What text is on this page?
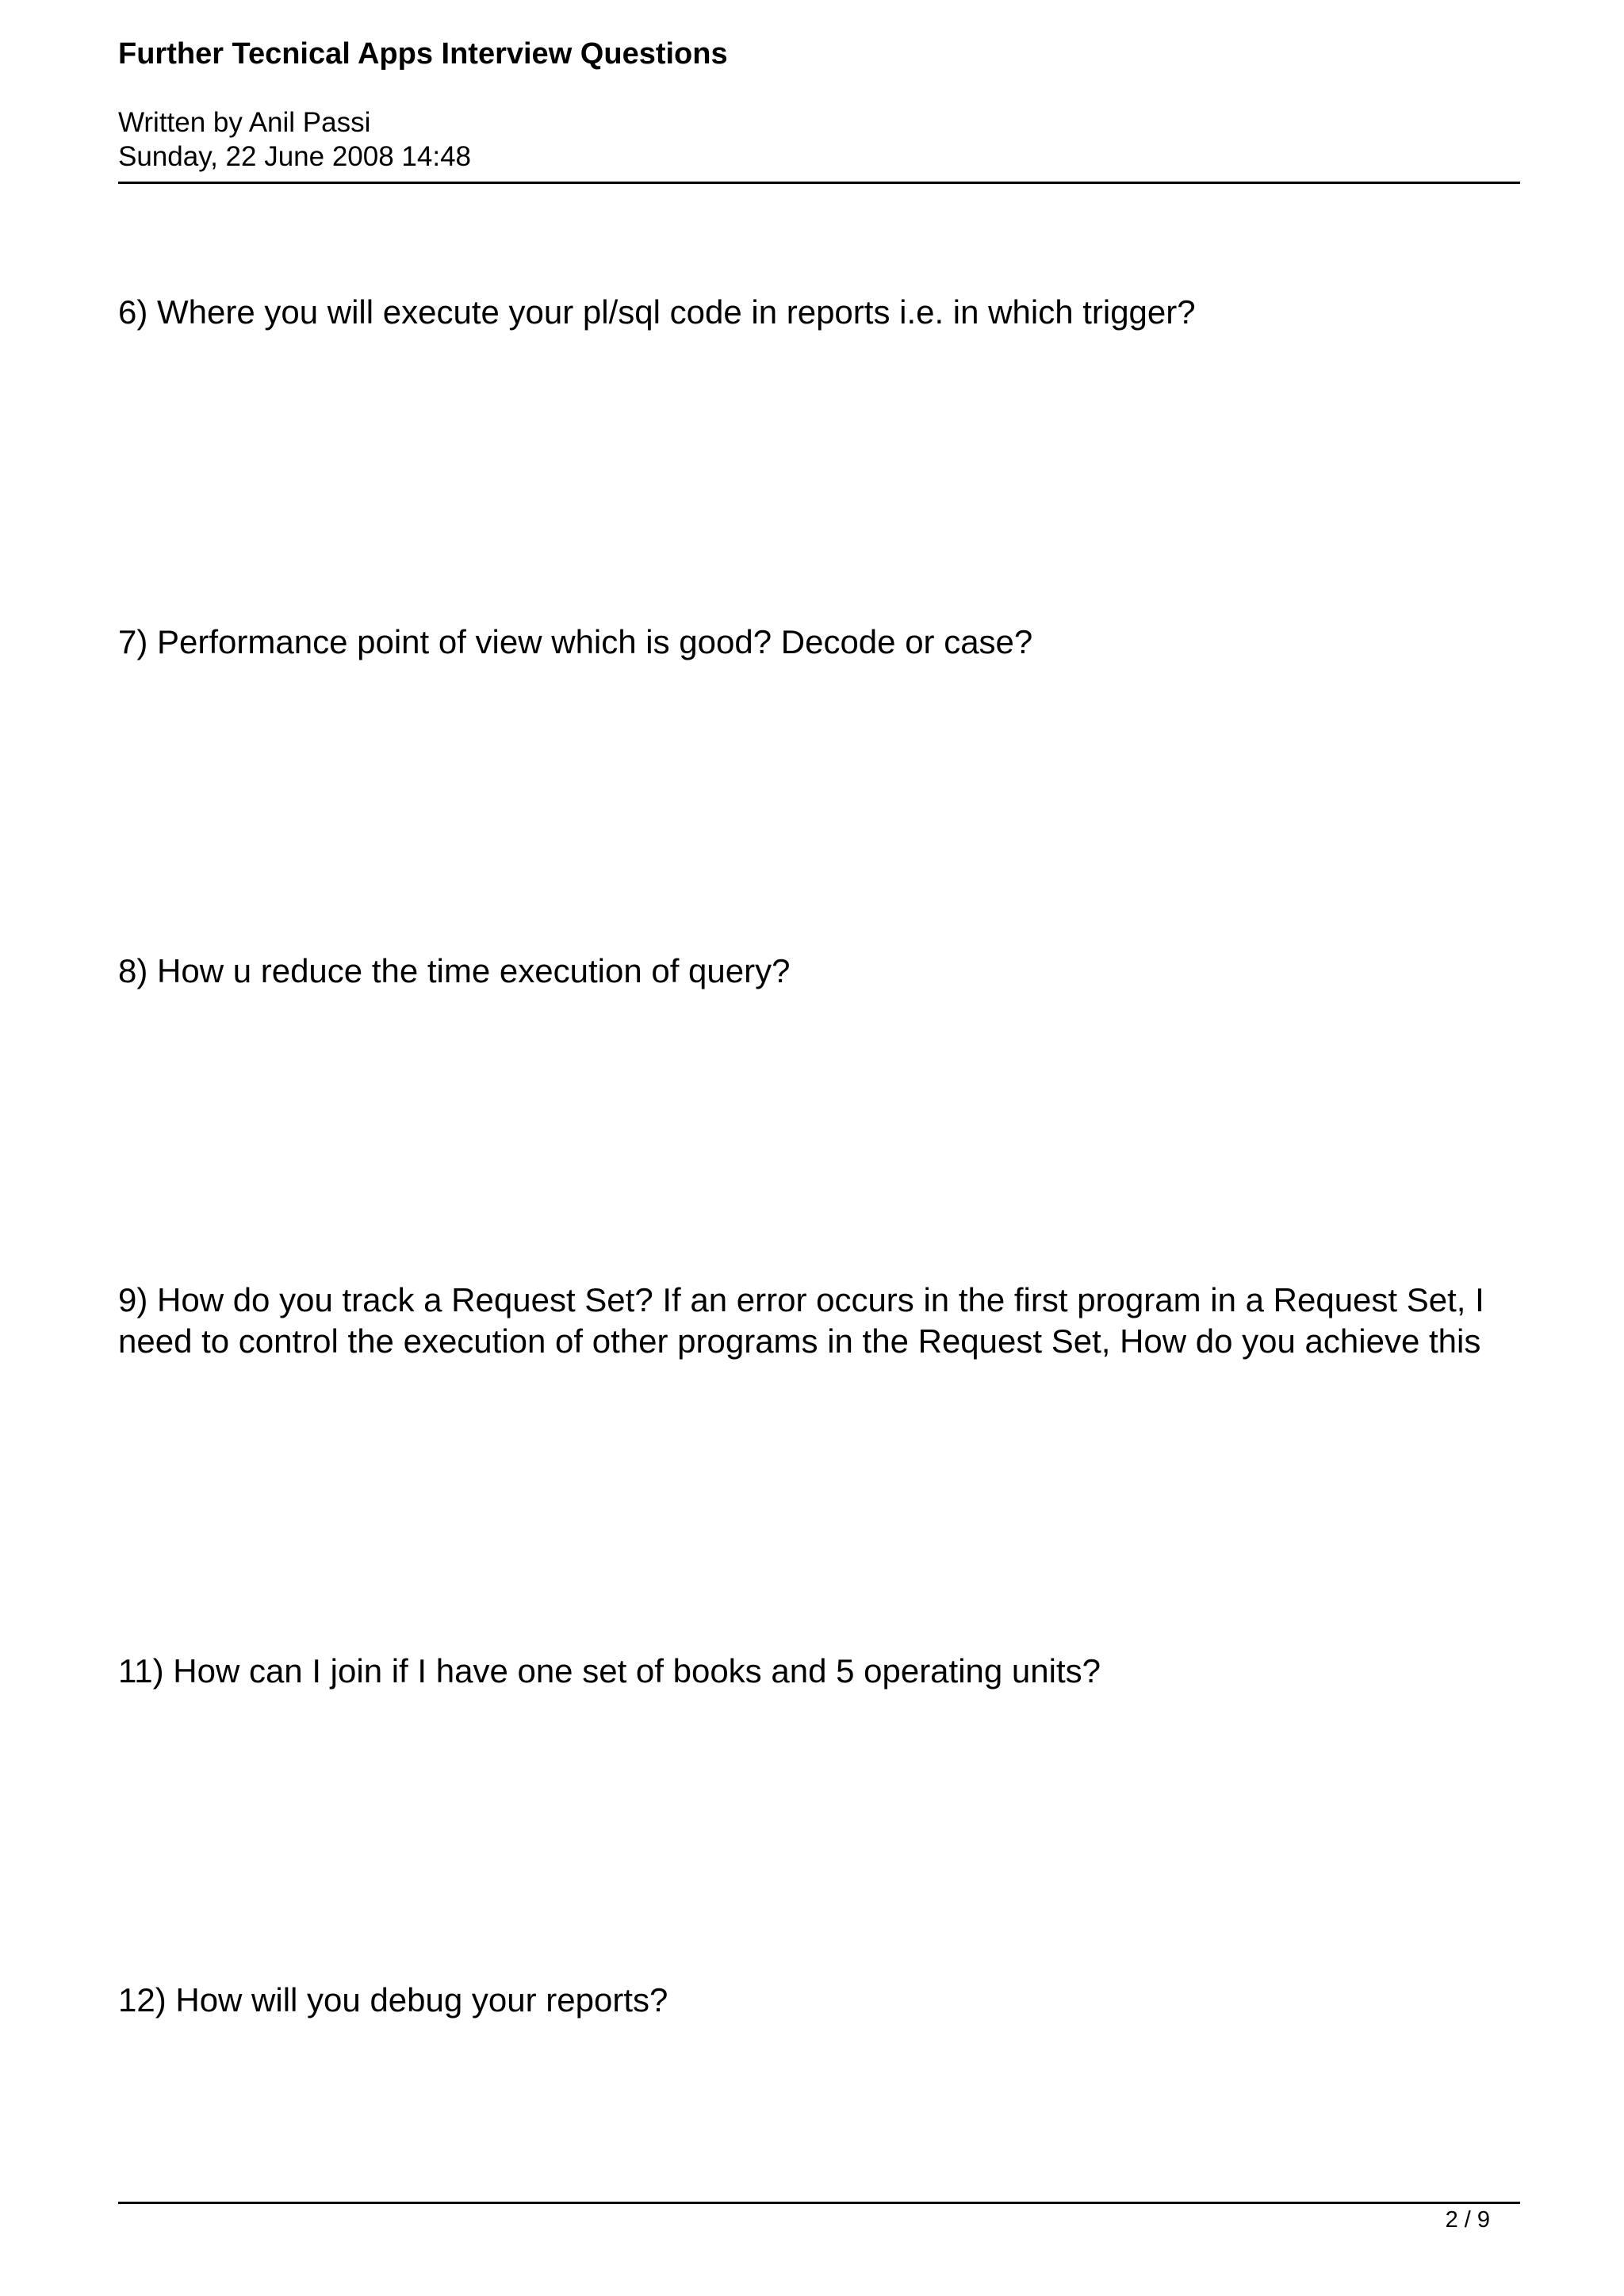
Further Tecnical Apps Interview Questions

Written by Anil Passi

Sunday, 22 June 2008 14:48

6) Where you will execute your pl/sql code in reports i.e. in which trigger?

7) Performance point of view which is good? Decode or case?

8) How u reduce the time execution of query?

9) How do you track a Request Set? If an error occurs in the first program in a Request Set, I need to control the execution of other programs in the Request Set, How do you achieve this

11) How can I join if I have one set of books and 5 operating units?

12) How will you debug your reports?

2 / 9
